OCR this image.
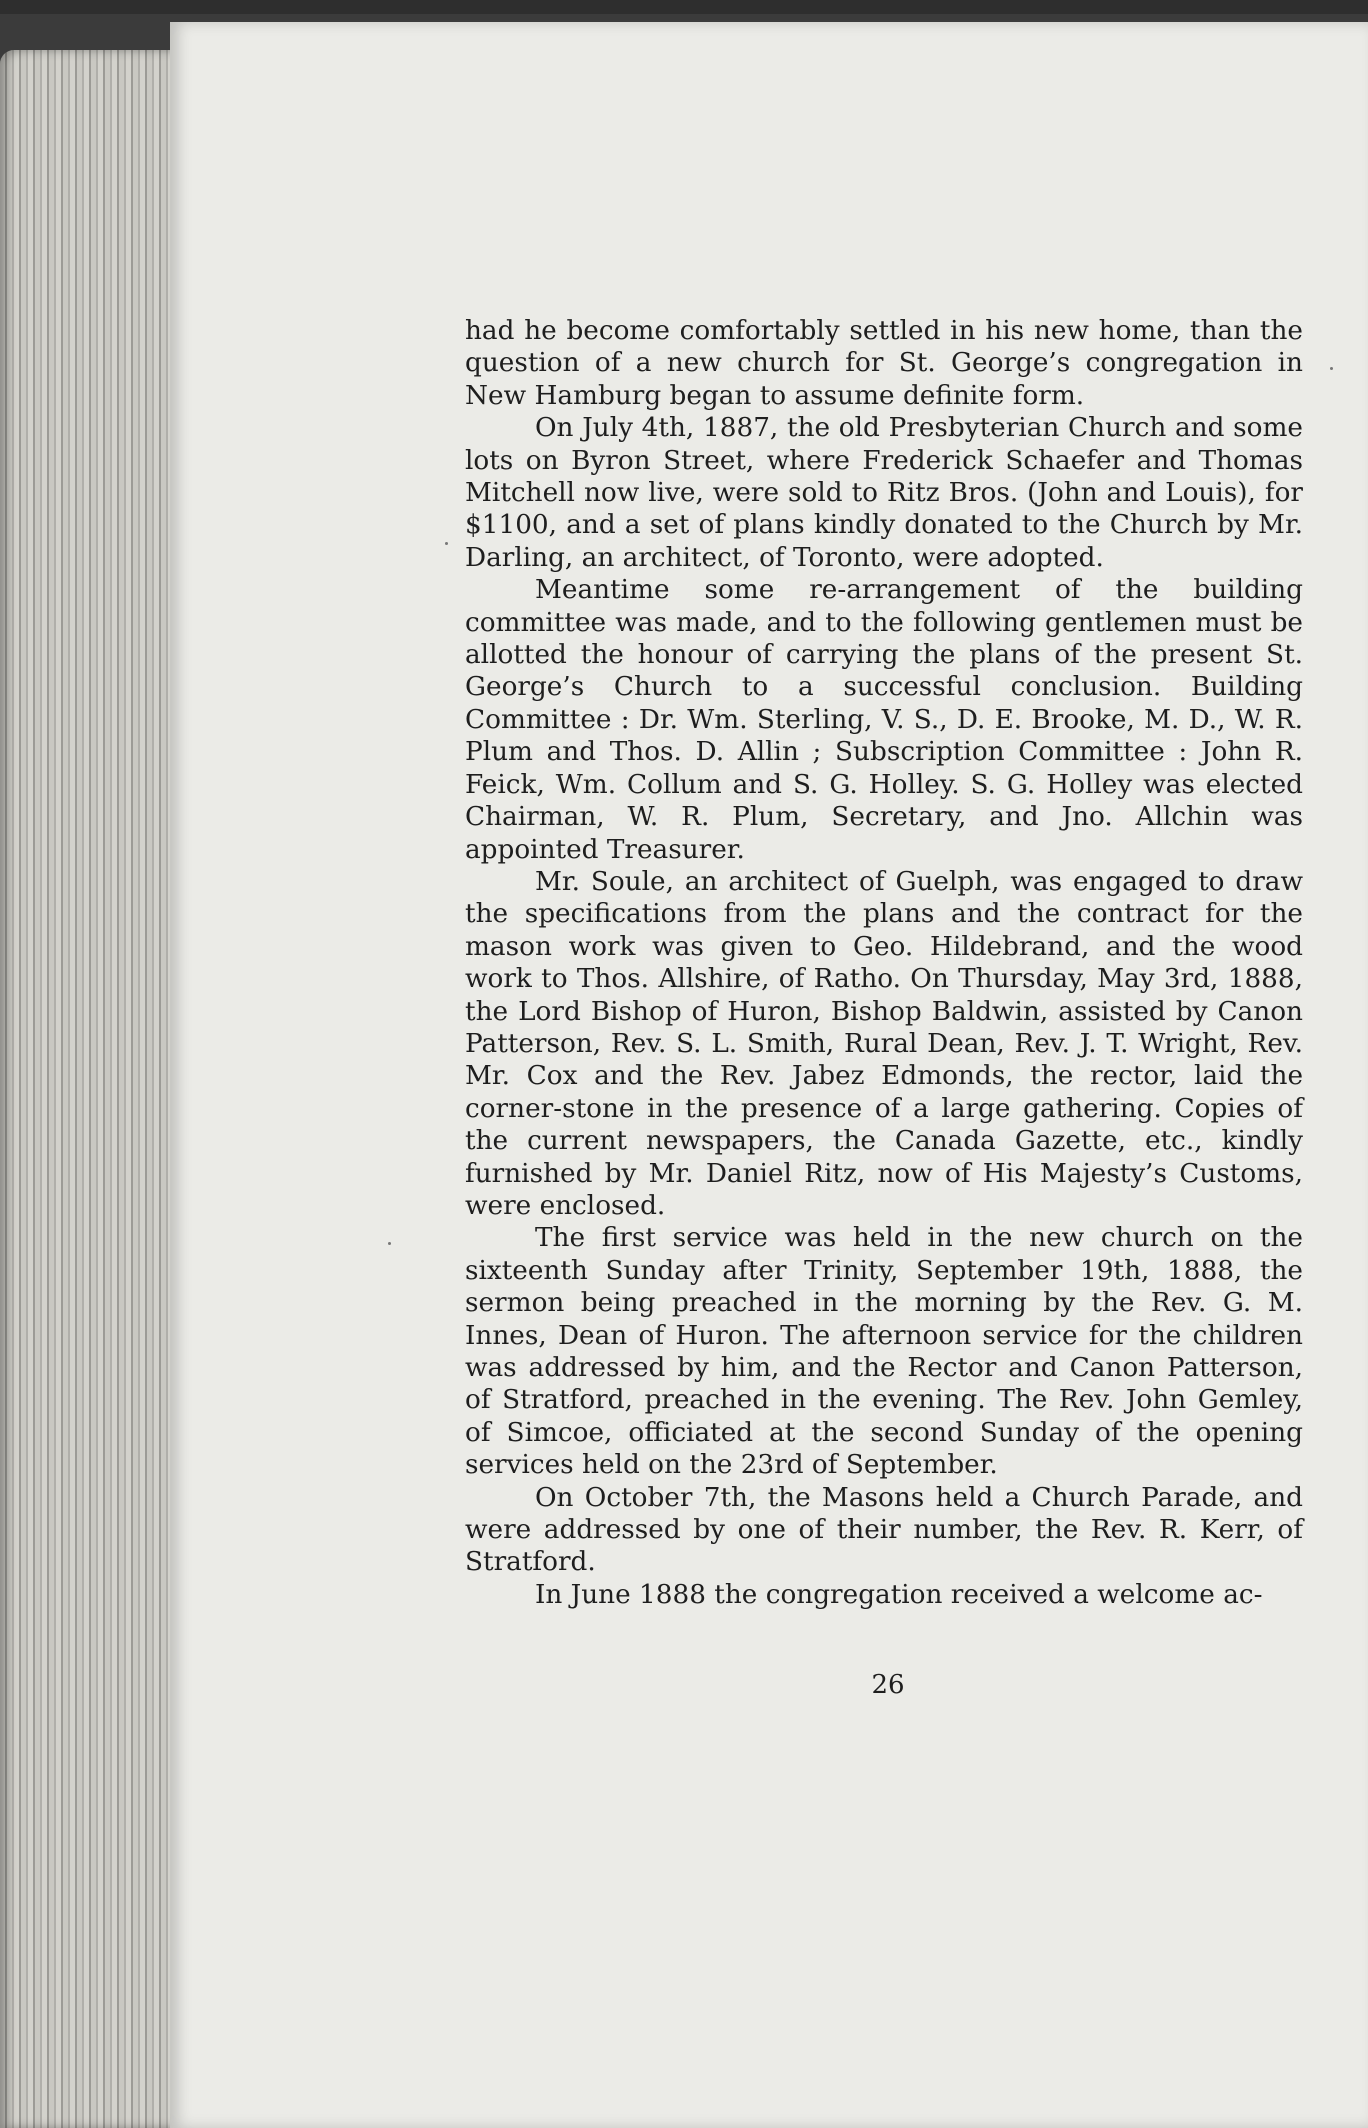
had he become comfortably settled in his new home, than the question of a new church for St. George’s congregation in New Hamburg began to assume definite form.

On July 4th, 1887, the old Presbyterian Church and some lots on Byron Street, where Frederick Schaefer and Thomas Mitchell now live, were sold to Ritz Bros. (John and Louis), for $1100, and a set of plans kindly donated to the Church by Mr. Darling, an architect, of Toronto, were adopted.

Meantime some re-arrangement of the building committee was made, and to the following gentlemen must be allotted the honour of carrying the plans of the present St. George’s Church to a successful conclusion. Building Committee : Dr. Wm. Sterling, V. S., D. E. Brooke, M. D., W. R. Plum and Thos. D. Allin ; Subscription Committee : John R. Feick, Wm. Collum and S. G. Holley. S. G. Holley was elected Chairman, W. R. Plum, Secretary, and Jno. Allchin was appointed Treasurer.

Mr. Soule, an architect of Guelph, was engaged to draw the specifications from the plans and the contract for the mason work was given to Geo. Hildebrand, and the wood work to Thos. Allshire, of Ratho. On Thursday, May 3rd, 1888, the Lord Bishop of Huron, Bishop Baldwin, assisted by Canon Patterson, Rev. S. L. Smith, Rural Dean, Rev. J. T. Wright, Rev. Mr. Cox and the Rev. Jabez Edmonds, the rector, laid the corner-stone in the presence of a large gathering. Copies of the current newspapers, the Canada Gazette, etc., kindly furnished by Mr. Daniel Ritz, now of His Majesty’s Customs, were enclosed.

The first service was held in the new church on the sixteenth Sunday after Trinity, September 19th, 1888, the sermon being preached in the morning by the Rev. G. M. Innes, Dean of Huron. The afternoon service for the children was addressed by him, and the Rector and Canon Patterson, of Stratford, preached in the evening. The Rev. John Gemley, of Simcoe, officiated at the second Sunday of the opening services held on the 23rd of September.

On October 7th, the Masons held a Church Parade, and were addressed by one of their number, the Rev. R. Kerr, of Stratford.

In June 1888 the congregation received a welcome ac-

26
